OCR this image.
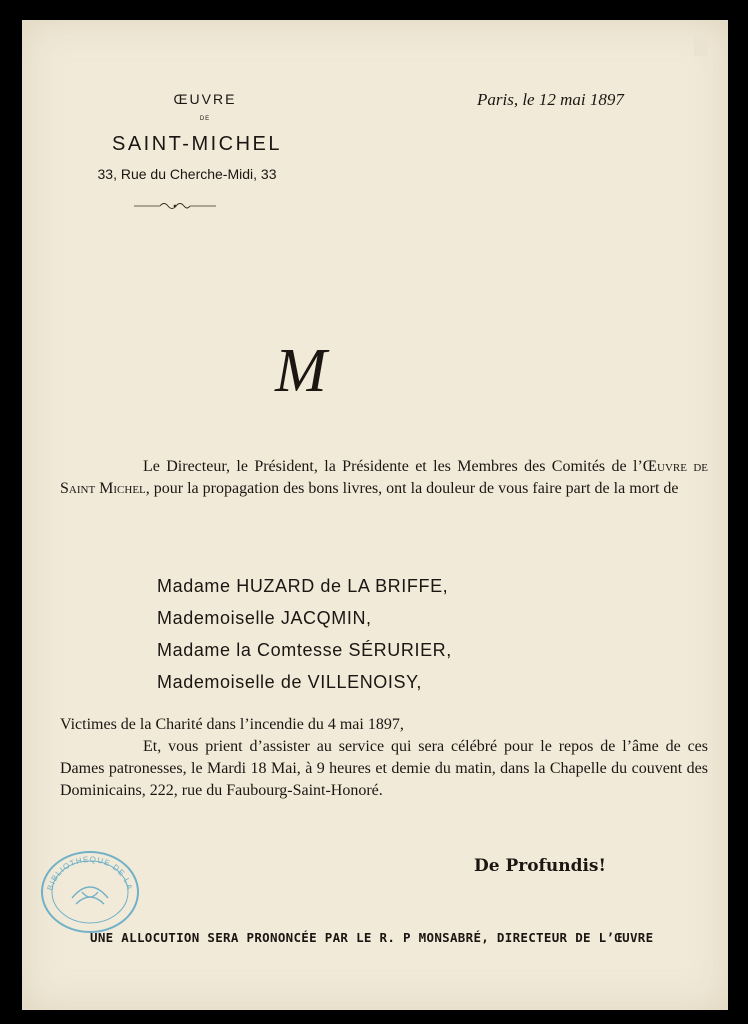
ŒUVRE
DE
SAINT-MICHEL
33, Rue du Cherche-Midi, 33
Paris, le 12 mai 1897
M
Le Directeur, le Président, la Présidente et les Membres des Comités de l’Œuvre de Saint Michel, pour la propagation des bons livres, ont la douleur de vous faire part de la mort de
Madame HUZARD de LA BRIFFE,
Mademoiselle JACQMIN,
Madame la Comtesse SÉRURIER,
Mademoiselle de VILLENOISY,
Victimes de la Charité dans l’incendie du 4 mai 1897,
Et, vous prient d’assister au service qui sera célébré pour le repos de l’âme de ces Dames patronesses, le Mardi 18 Mai, à 9 heures et demie du matin, dans la Chapelle du couvent des Dominicains, 222, rue du Faubourg-Saint-Honoré.
De Profundis!
BIBLIOTHEQUE DE LA
UNE ALLOCUTION SERA PRONONCÉE PAR LE R. P MONSABRÉ, DIRECTEUR DE L’ŒUVRE
